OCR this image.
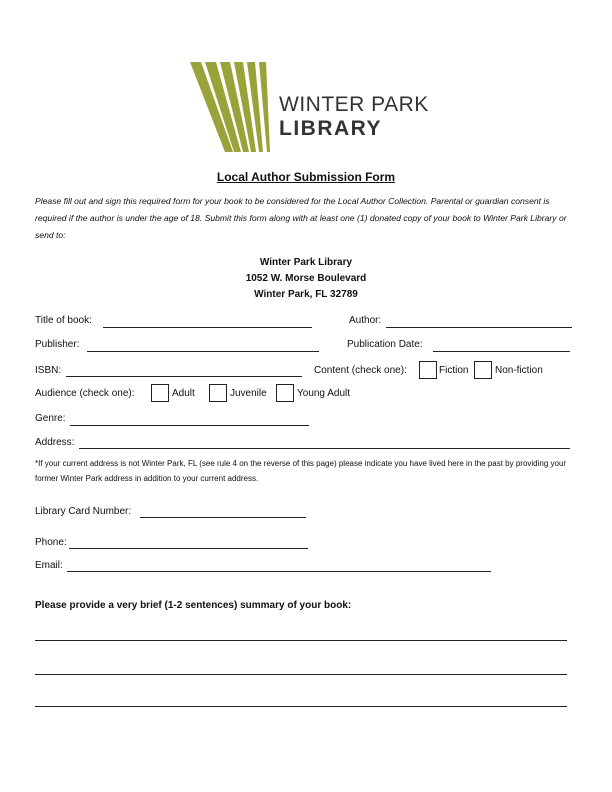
WINTER PARK
LIBRARY
Local Author Submission Form
Please fill out and sign this required form for your book to be considered for the Local Author Collection. Parental or guardian consent is required if the author is under the age of 18. Submit this form along with at least one (1) donated copy of your book to Winter Park Library or send to:
Winter Park Library
1052 W. Morse Boulevard
Winter Park, FL 32789
Title of book:	Author:
Publisher:	Publication Date:
ISBN:	Content (check one):	Fiction	Non-fiction
Audience (check one):	Adult	Juvenile	Young Adult
Genre:
Address:
*If your current address is not Winter Park, FL (see rule 4 on the reverse of this page) please indicate you have lived here in the past by providing your former Winter Park address in addition to your current address.
Library Card Number:
Phone:
Email:
Please provide a very brief (1-2 sentences) summary of your book:
